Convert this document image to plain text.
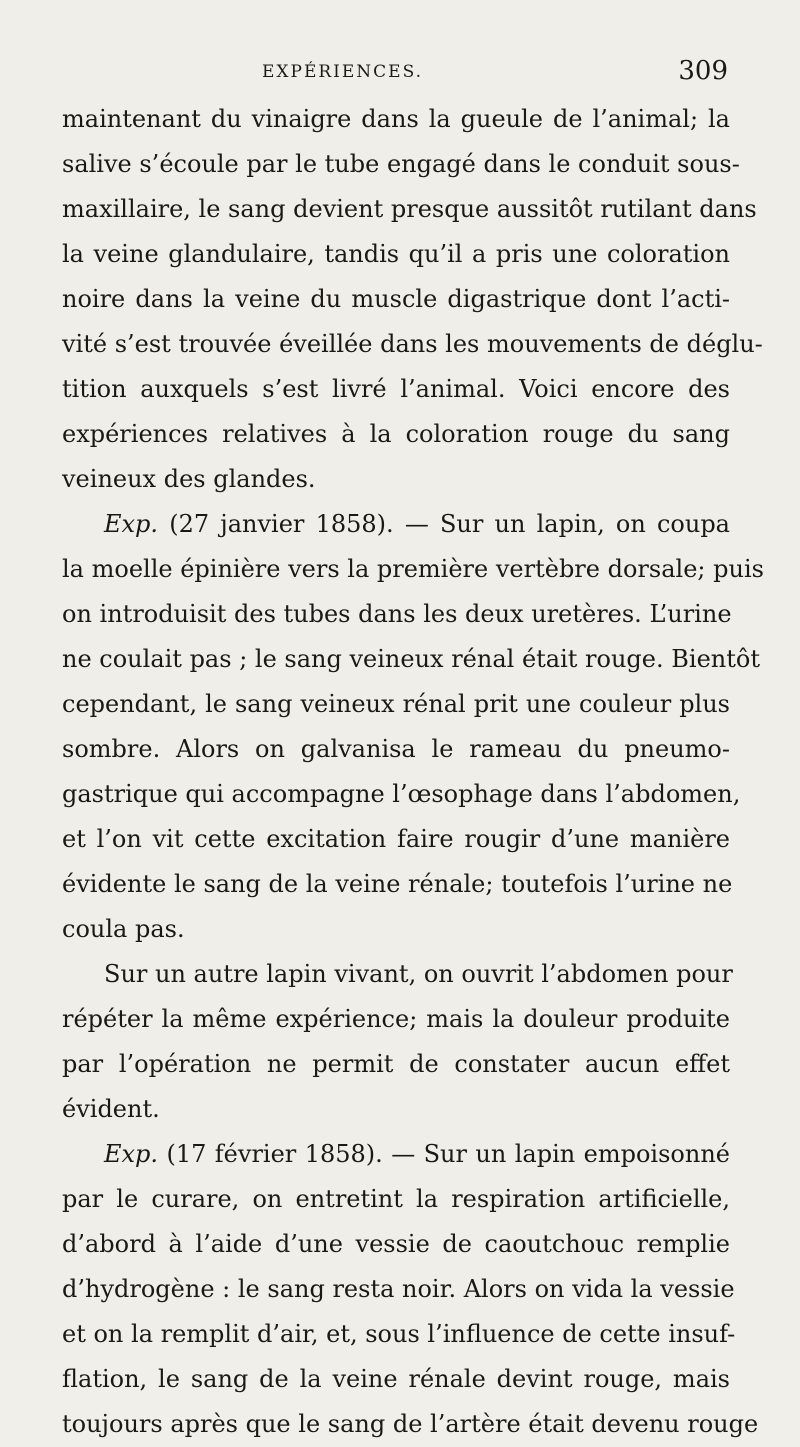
EXPÉRIENCES.	309
maintenant du vinaigre dans la gueule de l’animal; la
salive s’écoule par le tube engagé dans le conduit sous-
maxillaire, le sang devient presque aussitôt rutilant dans
la veine glandulaire, tandis qu’il a pris une coloration
noire dans la veine du muscle digastrique dont l’acti-
vité s’est trouvée éveillée dans les mouvements de déglu-
tition auxquels s’est livré l’animal. Voici encore des
expériences relatives à la coloration rouge du sang
veineux des glandes.
Exp. (27 janvier 1858). — Sur un lapin, on coupa
la moelle épinière vers la première vertèbre dorsale; puis
on introduisit des tubes dans les deux uretères. L’urine
ne coulait pas ; le sang veineux rénal était rouge. Bientôt
cependant, le sang veineux rénal prit une couleur plus
sombre. Alors on galvanisa le rameau du pneumo-
gastrique qui accompagne l’œsophage dans l’abdomen,
et l’on vit cette excitation faire rougir d’une manière
évidente le sang de la veine rénale; toutefois l’urine ne
coula pas.
Sur un autre lapin vivant, on ouvrit l’abdomen pour
répéter la même expérience; mais la douleur produite
par l’opération ne permit de constater aucun effet
évident.
Exp. (17 février 1858). — Sur un lapin empoisonné
par le curare, on entretint la respiration artificielle,
d’abord à l’aide d’une vessie de caoutchouc remplie
d’hydrogène : le sang resta noir. Alors on vida la vessie
et on la remplit d’air, et, sous l’influence de cette insuf-
flation, le sang de la veine rénale devint rouge, mais
toujours après que le sang de l’artère était devenu rouge
